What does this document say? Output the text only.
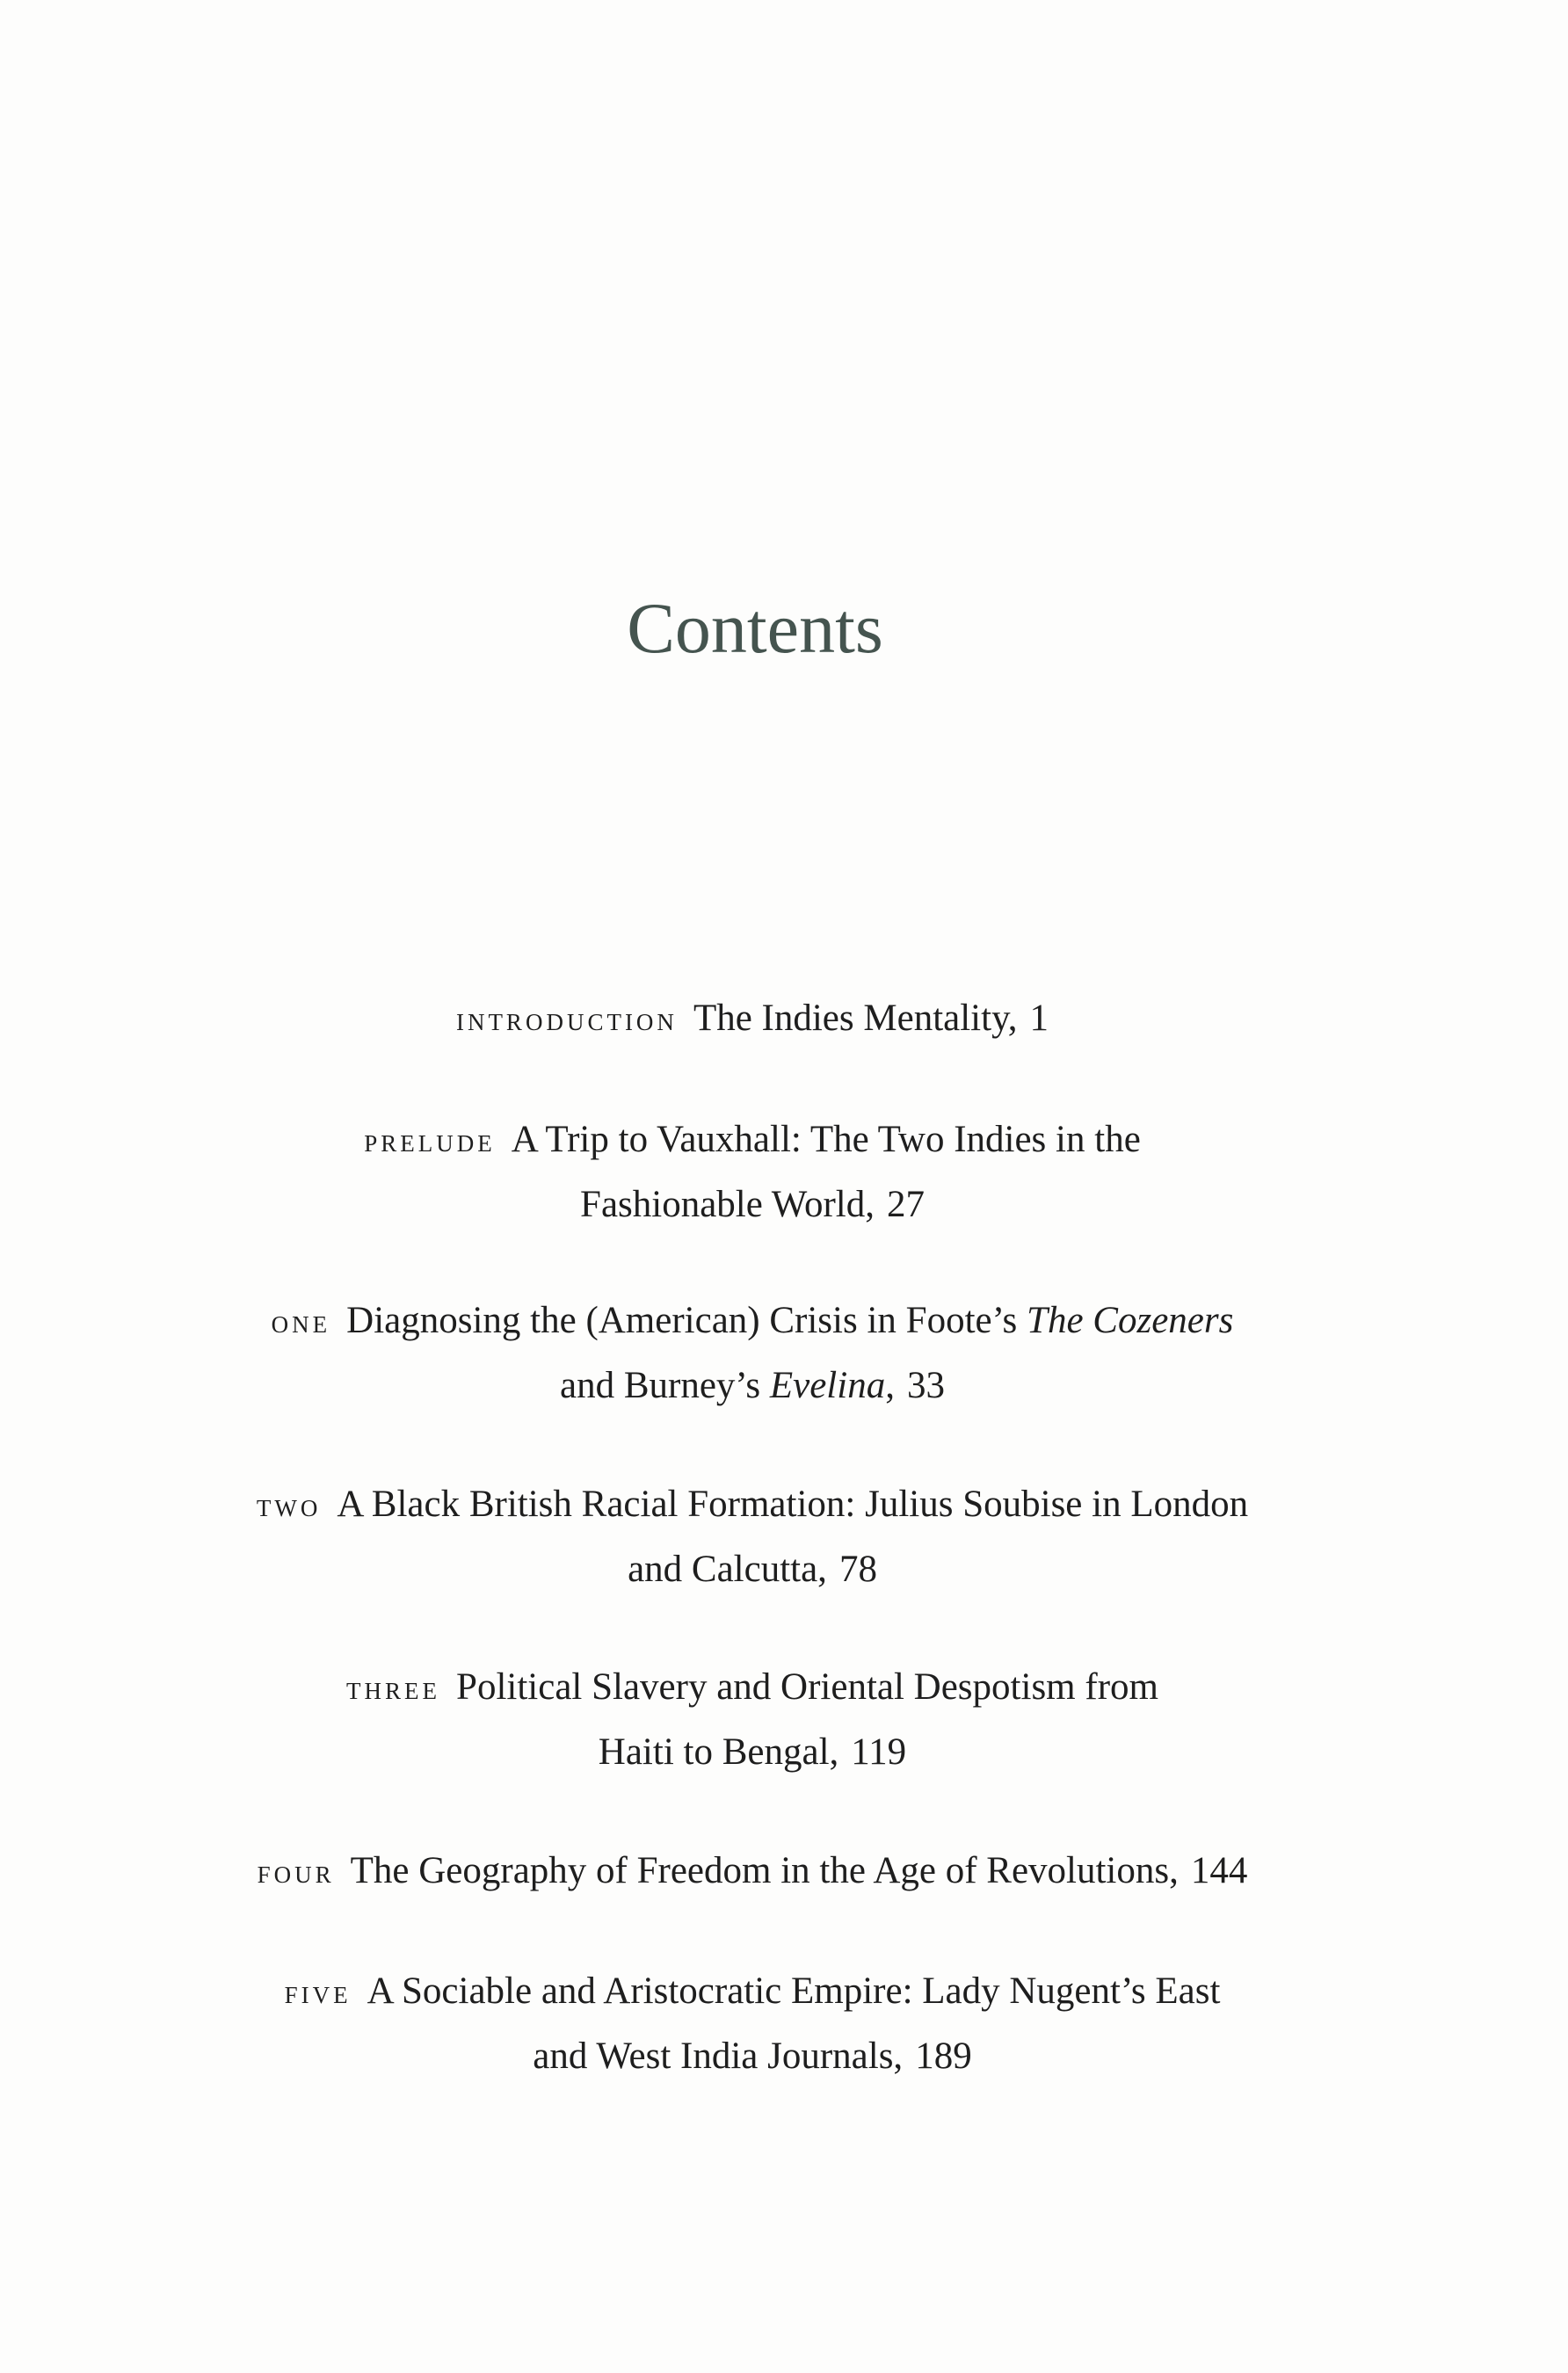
Contents
INTRODUCTION The Indies Mentality, 1
PRELUDE A Trip to Vauxhall: The Two Indies in the
Fashionable World, 27
ONE Diagnosing the (American) Crisis in Foote’s The Cozeners
and Burney’s Evelina, 33
TWO A Black British Racial Formation: Julius Soubise in London
and Calcutta, 78
THREE Political Slavery and Oriental Despotism from
Haiti to Bengal, 119
FOUR The Geography of Freedom in the Age of Revolutions, 144
FIVE A Sociable and Aristocratic Empire: Lady Nugent’s East
and West India Journals, 189
